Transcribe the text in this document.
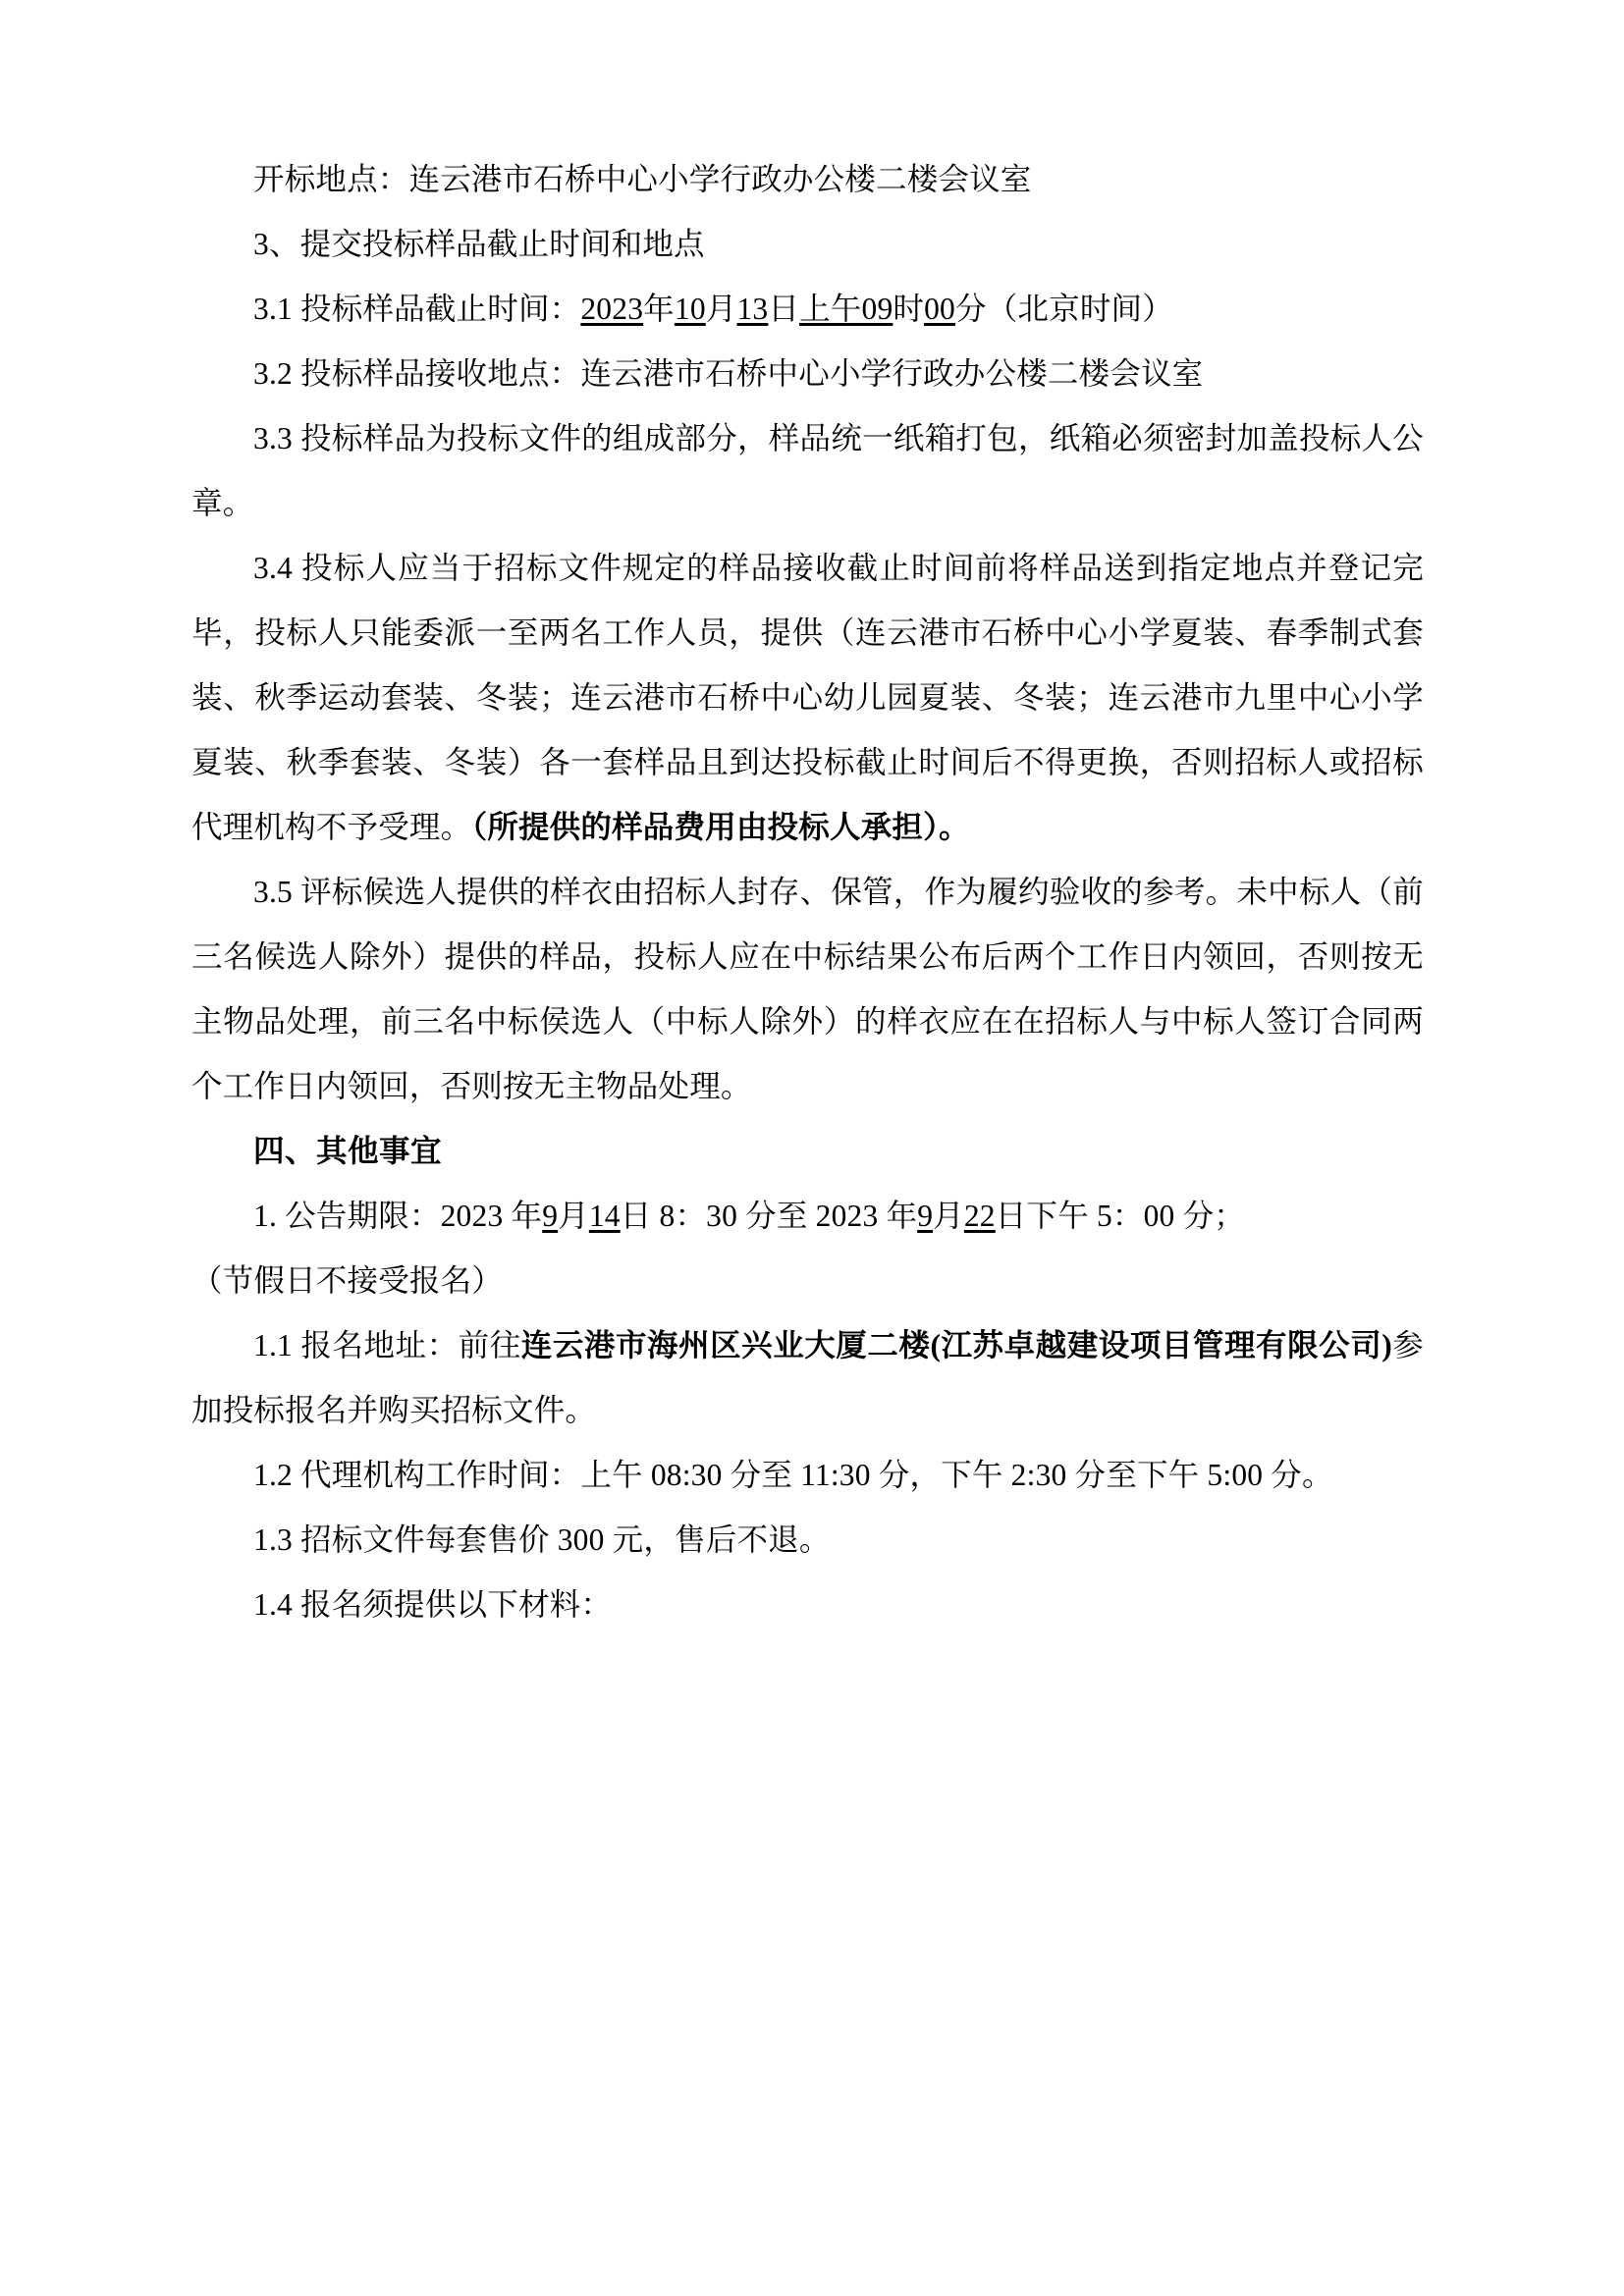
开标地点：连云港市石桥中心小学行政办公楼二楼会议室

3、提交投标样品截止时间和地点

3.1 投标样品截止时间：2023年10月13日上午09时00分（北京时间）

3.2 投标样品接收地点：连云港市石桥中心小学行政办公楼二楼会议室

3.3 投标样品为投标文件的组成部分，样品统一纸箱打包，纸箱必须密封加盖投标人公章。

3.4 投标人应当于招标文件规定的样品接收截止时间前将样品送到指定地点并登记完毕，投标人只能委派一至两名工作人员，提供（连云港市石桥中心小学夏装、春季制式套装、秋季运动套装、冬装；连云港市石桥中心幼儿园夏装、冬装；连云港市九里中心小学夏装、秋季套装、冬装）各一套样品且到达投标截止时间后不得更换，否则招标人或招标代理机构不予受理。（所提供的样品费用由投标人承担）。

3.5 评标候选人提供的样衣由招标人封存、保管，作为履约验收的参考。未中标人（前三名候选人除外）提供的样品，投标人应在中标结果公布后两个工作日内领回，否则按无主物品处理，前三名中标侯选人（中标人除外）的样衣应在在招标人与中标人签订合同两个工作日内领回，否则按无主物品处理。

四、其他事宜

1. 公告期限：2023 年9月14日 8：30 分至 2023 年9月22日下午 5：00 分；

（节假日不接受报名）

1.1 报名地址：前往连云港市海州区兴业大厦二楼(江苏卓越建设项目管理有限公司)参加投标报名并购买招标文件。

1.2 代理机构工作时间：上午 08:30 分至 11:30 分，下午 2:30 分至下午 5:00 分。

1.3 招标文件每套售价 300 元，售后不退。

1.4 报名须提供以下材料：
